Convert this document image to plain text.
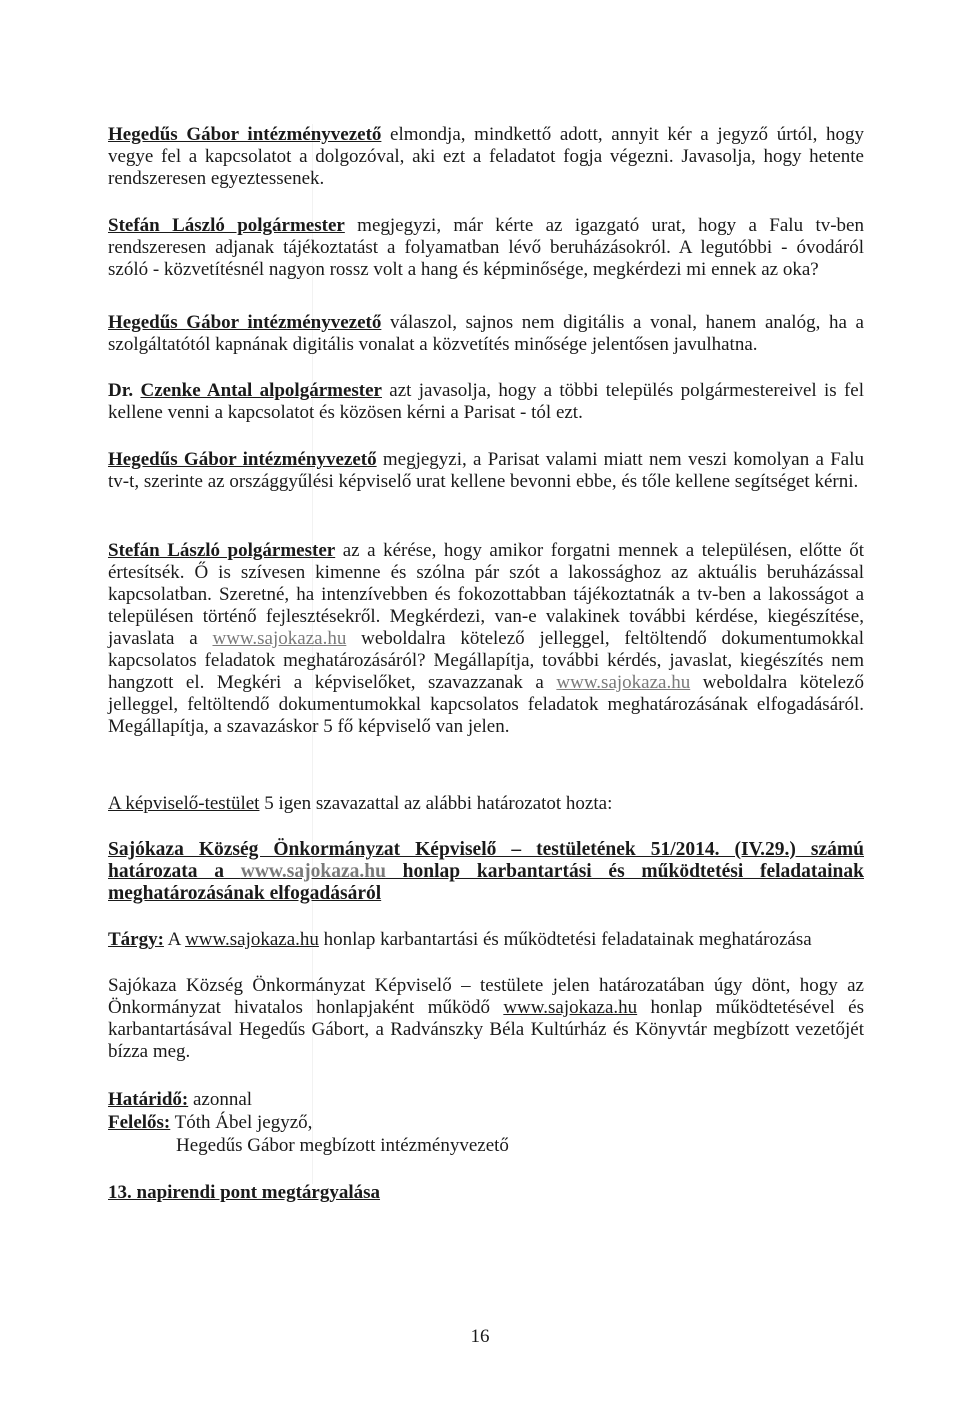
Hegedűs Gábor intézményvezető elmondja, mindkettő adott, annyit kér a jegyző úrtól, hogy vegye fel a kapcsolatot a dolgozóval, aki ezt a feladatot fogja végezni. Javasolja, hogy hetente rendszeresen egyeztessenek.

Stefán László polgármester megjegyzi, már kérte az igazgató urat, hogy a Falu tv-ben rendszeresen adjanak tájékoztatást a folyamatban lévő beruházásokról. A legutóbbi - óvodáról szóló - közvetítésnél nagyon rossz volt a hang és képminősége, megkérdezi mi ennek az oka?

Hegedűs Gábor intézményvezető válaszol, sajnos nem digitális a vonal, hanem analóg, ha a szolgáltatótól kapnának digitális vonalat a közvetítés minősége jelentősen javulhatna.

Dr. Czenke Antal alpolgármester azt javasolja, hogy a többi település polgármestereivel is fel kellene venni a kapcsolatot és közösen kérni a Parisat - tól ezt.

Hegedűs Gábor intézményvezető megjegyzi, a Parisat valami miatt nem veszi komolyan a Falu tv-t, szerinte az országgyűlési képviselő urat kellene bevonni ebbe, és tőle kellene segítséget kérni.

Stefán László polgármester az a kérése, hogy amikor forgatni mennek a településen, előtte őt értesítsék. Ő is szívesen kimenne és szólna pár szót a lakossághoz az aktuális beruházással kapcsolatban. Szeretné, ha intenzívebben és fokozottabban tájékoztatnák a tv-ben a lakosságot a településen történő fejlesztésekről. Megkérdezi, van-e valakinek további kérdése, kiegészítése, javaslata a www.sajokaza.hu weboldalra kötelező jelleggel, feltöltendő dokumentumokkal kapcsolatos feladatok meghatározásáról? Megállapítja, további kérdés, javaslat, kiegészítés nem hangzott el. Megkéri a képviselőket, szavazzanak a www.sajokaza.hu weboldalra kötelező jelleggel, feltöltendő dokumentumokkal kapcsolatos feladatok meghatározásának elfogadásáról. Megállapítja, a szavazáskor 5 fő képviselő van jelen.

A képviselő-testület 5 igen szavazattal az alábbi határozatot hozta:

Sajókaza Község Önkormányzat Képviselő – testületének 51/2014. (IV.29.) számú határozata a www.sajokaza.hu honlap karbantartási és működtetési feladatainak meghatározásának elfogadásáról

Tárgy: A www.sajokaza.hu honlap karbantartási és működtetési feladatainak meghatározása

Sajókaza Község Önkormányzat Képviselő – testülete jelen határozatában úgy dönt, hogy az Önkormányzat hivatalos honlapjaként működő www.sajokaza.hu honlap működtetésével és karbantartásával Hegedűs Gábort, a Radvánszky Béla Kultúrház és Könyvtár megbízott vezetőjét bízza meg.

Határidő: azonnal

Felelős: Tóth Ábel jegyző,

Hegedűs Gábor megbízott intézményvezető

13. napirendi pont megtárgyalása

16
